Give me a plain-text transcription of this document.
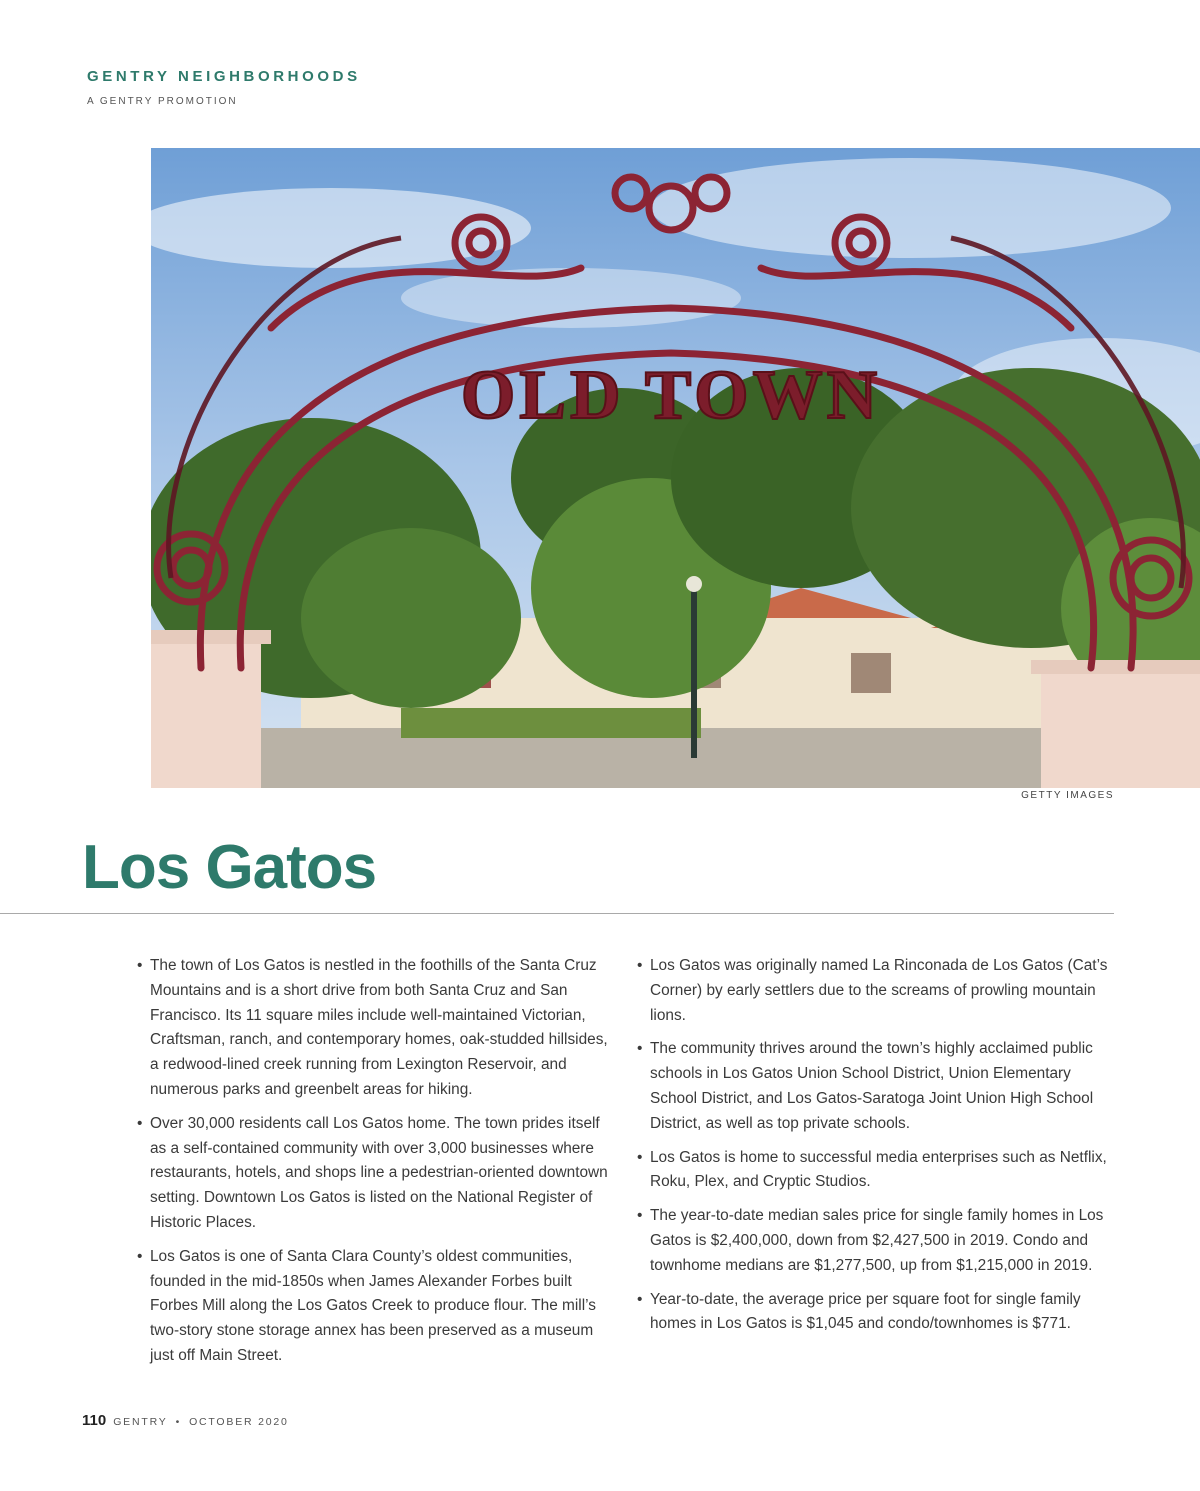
GENTRY NEIGHBORHOODS
A GENTRY PROMOTION
OLD TOWN
GETTY IMAGES
Los Gatos
• The town of Los Gatos is nestled in the foothills of the Santa Cruz Mountains and is a short drive from both Santa Cruz and San Francisco. Its 11 square miles include well-maintained Victorian, Craftsman, ranch, and contemporary homes, oak-studded hillsides, a redwood-lined creek running from Lexington Reservoir, and numerous parks and greenbelt areas for hiking.
• Over 30,000 residents call Los Gatos home. The town prides itself as a self-contained community with over 3,000 businesses where restaurants, hotels, and shops line a pedestrian-oriented downtown setting. Downtown Los Gatos is listed on the National Register of Historic Places.
• Los Gatos is one of Santa Clara County’s oldest communities, founded in the mid-1850s when James Alexander Forbes built Forbes Mill along the Los Gatos Creek to produce flour. The mill’s two-story stone storage annex has been preserved as a museum just off Main Street.
• Los Gatos was originally named La Rinconada de Los Gatos (Cat’s Corner) by early settlers due to the screams of prowling mountain lions.
• The community thrives around the town’s highly acclaimed public schools in Los Gatos Union School District, Union Elementary School District, and Los Gatos-Saratoga Joint Union High School District, as well as top private schools.
• Los Gatos is home to successful media enterprises such as Netflix, Roku, Plex, and Cryptic Studios.
• The year-to-date median sales price for single family homes in Los Gatos is $2,400,000, down from $2,427,500 in 2019. Condo and townhome medians are $1,277,500, up from $1,215,000 in 2019.
• Year-to-date, the average price per square foot for single family homes in Los Gatos is $1,045 and condo/townhomes is $771.
110 GENTRY • OCTOBER 2020
